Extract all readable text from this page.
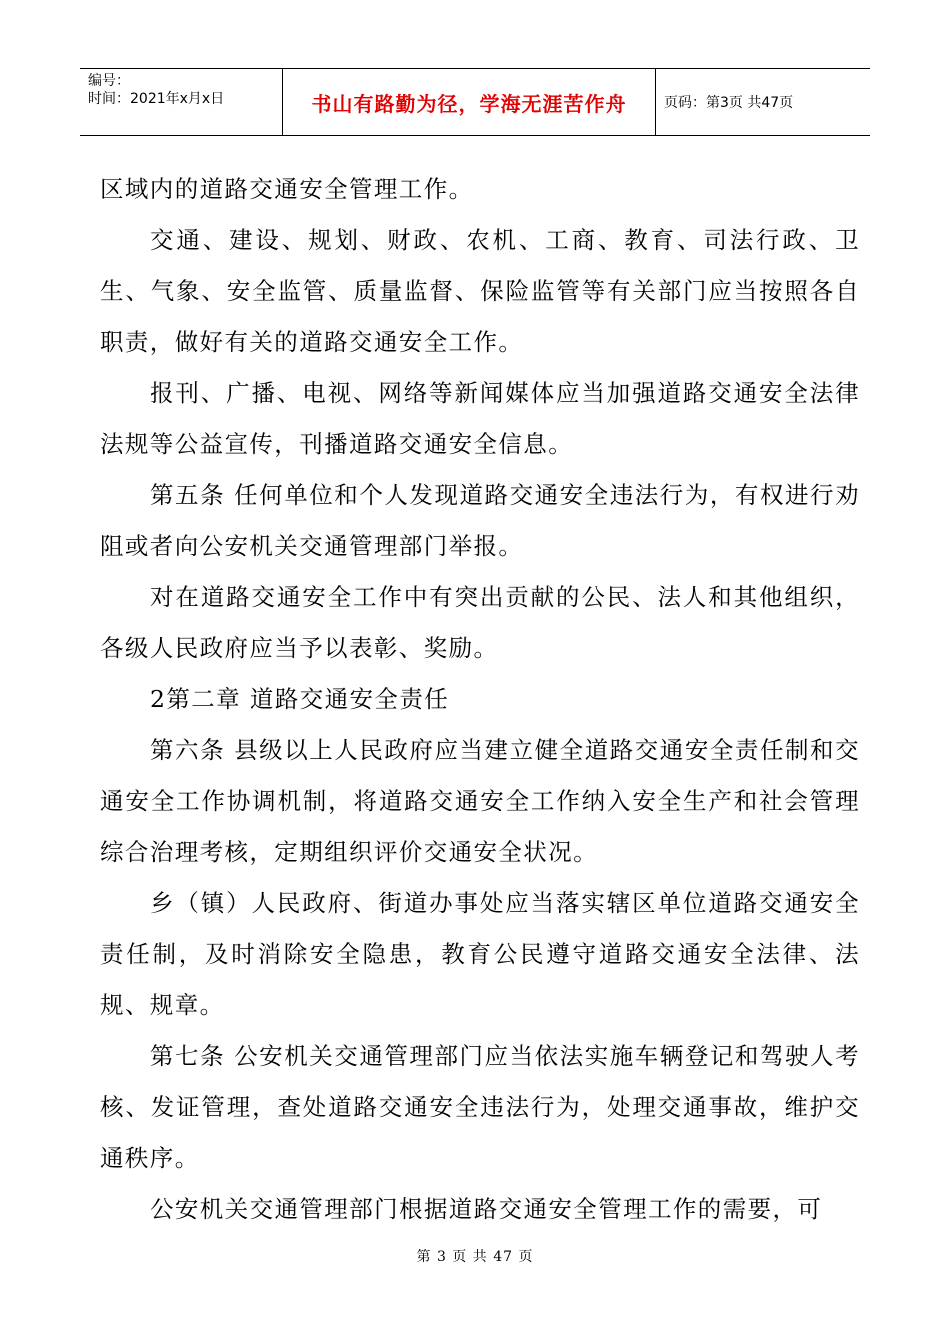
编号：
时间：2021年x月x日	书山有路勤为径，学海无涯苦作舟	页码：第3页 共47页

区域内的道路交通安全管理工作。

交通、建设、规划、财政、农机、工商、教育、司法行政、卫生、气象、安全监管、质量监督、保险监管等有关部门应当按照各自职责，做好有关的道路交通安全工作。

报刊、广播、电视、网络等新闻媒体应当加强道路交通安全法律法规等公益宣传，刊播道路交通安全信息。

第五条 任何单位和个人发现道路交通安全违法行为，有权进行劝阻或者向公安机关交通管理部门举报。

对在道路交通安全工作中有突出贡献的公民、法人和其他组织，各级人民政府应当予以表彰、奖励。

2第二章 道路交通安全责任

第六条 县级以上人民政府应当建立健全道路交通安全责任制和交通安全工作协调机制，将道路交通安全工作纳入安全生产和社会管理综合治理考核，定期组织评价交通安全状况。

乡（镇）人民政府、街道办事处应当落实辖区单位道路交通安全责任制，及时消除安全隐患，教育公民遵守道路交通安全法律、法规、规章。

第七条 公安机关交通管理部门应当依法实施车辆登记和驾驶人考核、发证管理，查处道路交通安全违法行为，处理交通事故，维护交通秩序。

公安机关交通管理部门根据道路交通安全管理工作的需要，可

第 3 页 共 47 页
